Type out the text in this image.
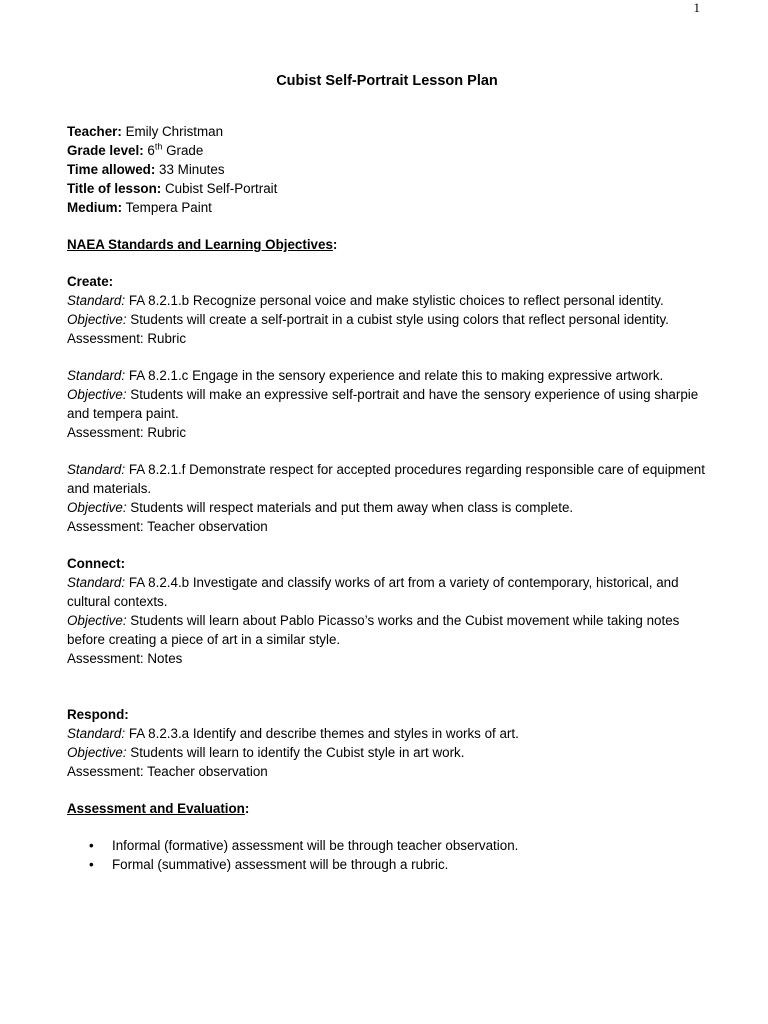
1
Cubist Self-Portrait Lesson Plan

Teacher: Emily Christman

Grade level: 6th Grade

Time allowed: 33 Minutes

Title of lesson: Cubist Self-Portrait

Medium: Tempera Paint

NAEA Standards and Learning Objectives:

Create:

Standard: FA 8.2.1.b Recognize personal voice and make stylistic choices to reflect personal identity.

Objective: Students will create a self-portrait in a cubist style using colors that reflect personal identity.

Assessment: Rubric

Standard: FA 8.2.1.c Engage in the sensory experience and relate this to making expressive artwork.

Objective: Students will make an expressive self-portrait and have the sensory experience of using sharpie and tempera paint.

Assessment: Rubric

Standard: FA 8.2.1.f Demonstrate respect for accepted procedures regarding responsible care of equipment and materials.

Objective: Students will respect materials and put them away when class is complete.

Assessment: Teacher observation

Connect:

Standard: FA 8.2.4.b Investigate and classify works of art from a variety of contemporary, historical, and cultural contexts.

Objective: Students will learn about Pablo Picasso’s works and the Cubist movement while taking notes before creating a piece of art in a similar style.

Assessment: Notes

Respond:

Standard: FA 8.2.3.a Identify and describe themes and styles in works of art.

Objective: Students will learn to identify the Cubist style in art work.

Assessment: Teacher observation

Assessment and Evaluation:

• Informal (formative) assessment will be through teacher observation.
• Formal (summative) assessment will be through a rubric.
